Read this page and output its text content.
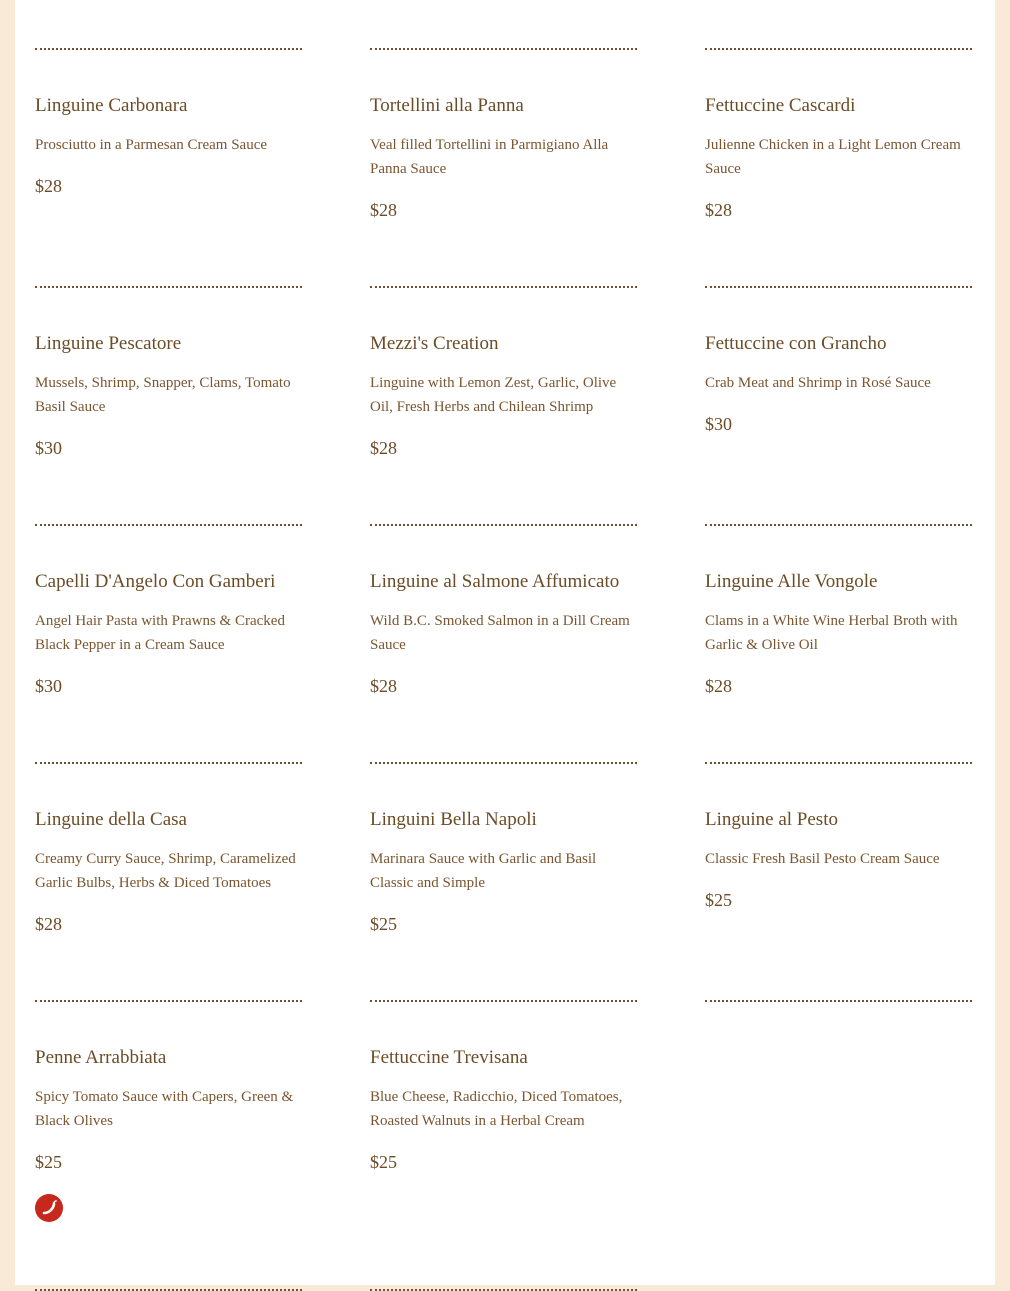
Linguine Carbonara

Prosciutto in a Parmesan Cream Sauce

$28

Linguine Pescatore

Mussels, Shrimp, Snapper, Clams, Tomato Basil Sauce

$30

Capelli D'Angelo Con Gamberi

Angel Hair Pasta with Prawns & Cracked Black Pepper in a Cream Sauce

$30

Linguine della Casa

Creamy Curry Sauce, Shrimp, Caramelized Garlic Bulbs, Herbs & Diced Tomatoes

$28

Penne Arrabbiata

Spicy Tomato Sauce with Capers, Green & Black Olives

$25

Tortellini alla Panna

Veal filled Tortellini in Parmigiano Alla Panna Sauce

$28

Mezzi's Creation

Linguine with Lemon Zest, Garlic, Olive Oil, Fresh Herbs and Chilean Shrimp

$28

Linguine al Salmone Affumicato

Wild B.C. Smoked Salmon in a Dill Cream Sauce

$28

Linguini Bella Napoli

Marinara Sauce with Garlic and Basil Classic and Simple

$25

Fettuccine Trevisana

Blue Cheese, Radicchio, Diced Tomatoes, Roasted Walnuts in a Herbal Cream

$25

Fettuccine Cascardi

Julienne Chicken in a Light Lemon Cream Sauce

$28

Fettuccine con Grancho

Crab Meat and Shrimp in Rosé Sauce

$30

Linguine Alle Vongole

Clams in a White Wine Herbal Broth with Garlic & Olive Oil

$28

Linguine al Pesto

Classic Fresh Basil Pesto Cream Sauce

$25
